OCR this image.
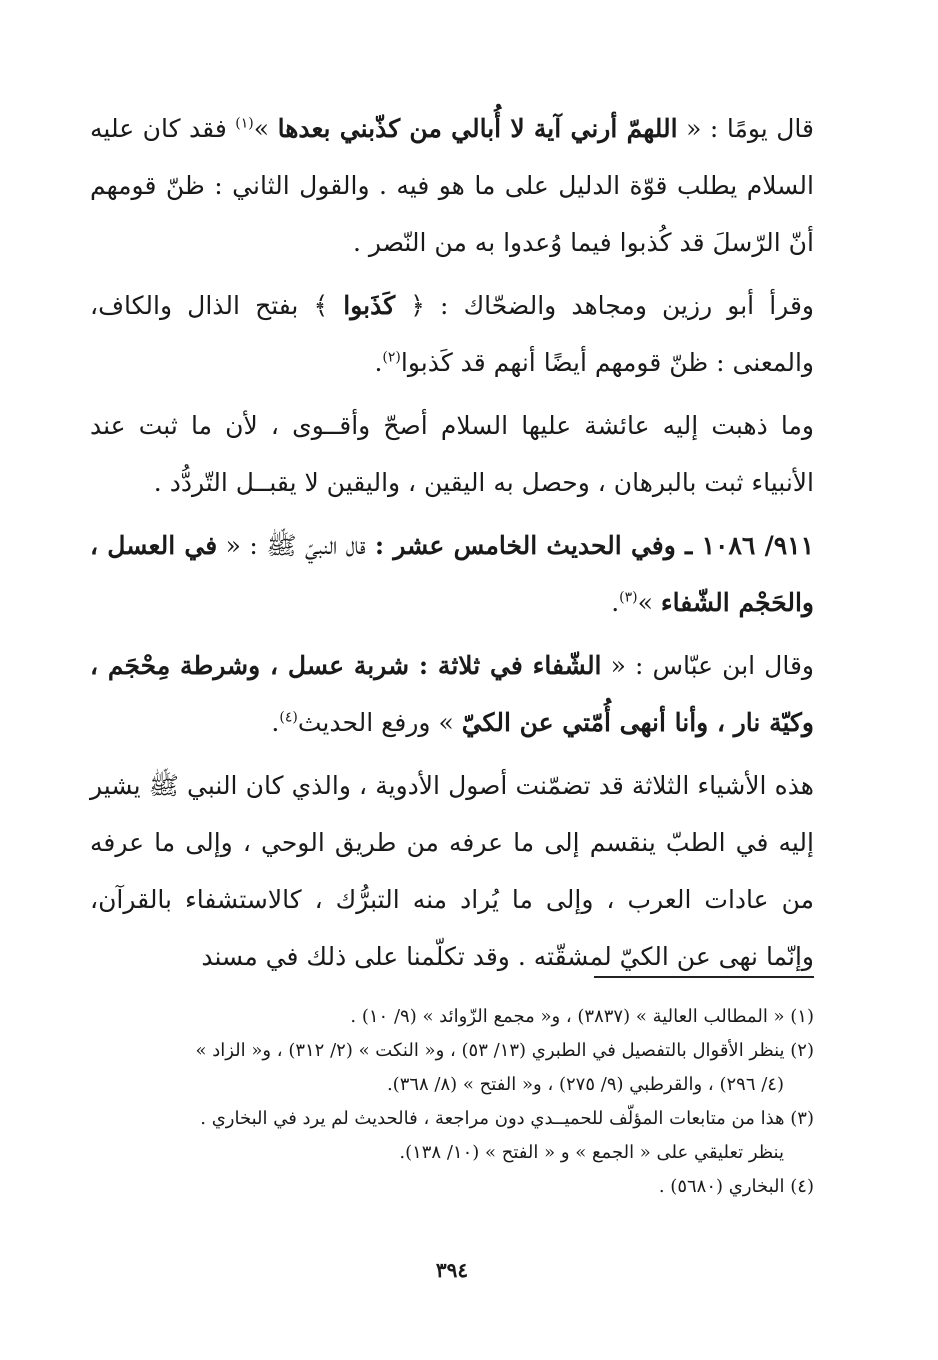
قال يومًا : « اللهمّ أرني آية لا أُبالي من كذّبني بعدها »$^{(١)}$ فقد كان عليه السلام يطلب قوّة الدليل على ما هو فيه . والقول الثاني : ظنّ قومهم أنّ الرّسلَ قد كُذبوا فيما وُعدوا به من النّصر .

وقرأ أبو رزين ومجاهد والضحّاك : ﴿ كَذَبوا ﴾ بفتح الذال والكاف، والمعنى : ظنّ قومهم أيضًا أنهم قد كَذبوا$^{(٢)}$.

وما ذهبت إليه عائشة عليها السلام أصحّ وأقــوى ، لأن ما ثبت عند الأنبياء ثبت بالبرهان ، وحصل به اليقين ، واليقين لا يقبــل التّردُّد .

٩١١/ ١٠٨٦ ـ وفي الحديث الخامس عشر : قال النبيّ ﷺ : « في العسل ، والحَجْم الشّفاء »$^{(٣)}$.

وقال ابن عبّاس : « الشّفاء في ثلاثة : شربة عسل ، وشرطة مِحْجَم ، وكيّة نار ، وأنا أنهى أُمّتي عن الكيّ » ورفع الحديث$^{(٤)}$.

هذه الأشياء الثلاثة قد تضمّنت أصول الأدوية ، والذي كان النبي ﷺ يشير إليه في الطبّ ينقسم إلى ما عرفه من طريق الوحي ، وإلى ما عرفه من عادات العرب ، وإلى ما يُراد منه التبرُّك ، كالاستشفاء بالقرآن، وإنّما نهى عن الكيّ لمشقّته . وقد تكلّمنا على ذلك في مسند

(١) « المطالب العالية » (٣٨٣٧) ، و« مجمع الزّوائد » (٩/ ١٠) .

(٢) ينظر الأقوال بالتفصيل في الطبري (١٣/ ٥٣) ، و« النكت » (٢/ ٣١٢) ، و« الزاد »

(٤/ ٢٩٦) ، والقرطبي (٩/ ٢٧٥) ، و« الفتح » (٨/ ٣٦٨).

(٣) هذا من متابعات المؤلّف للحميــدي دون مراجعة ، فالحديث لم يرد في البخاري .

ينظر تعليقي على « الجمع » و « الفتح » (١٠/ ١٣٨).

(٤) البخاري (٥٦٨٠) .

٣٩٤
